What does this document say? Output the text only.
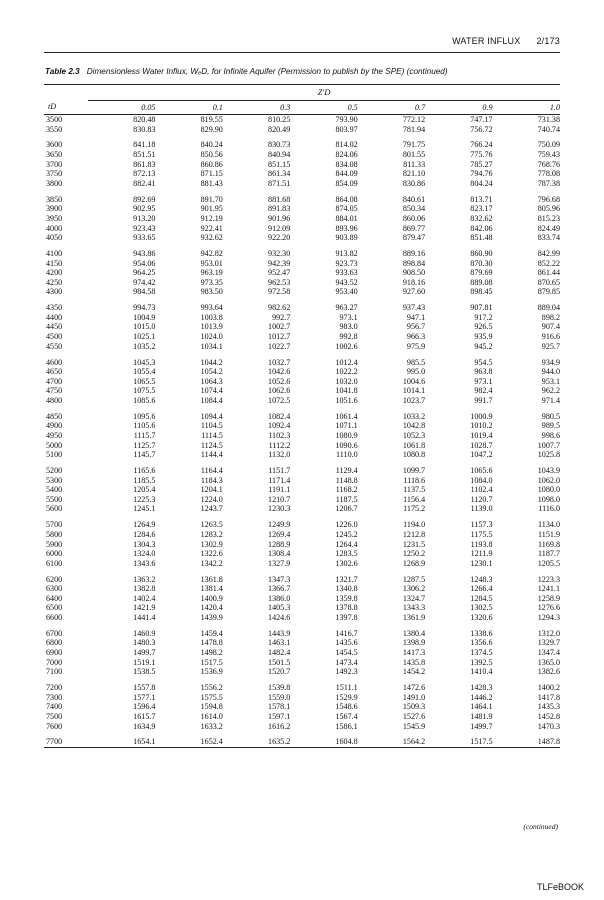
WATER INFLUX 2/173
Table 2.3 Dimensionless Water Influx, WₑD, for Infinite Aquifer (Permission to publish by the SPE) (continued)
	Z′D						
tD	0.05	0.1	0.3	0.5	0.7	0.9	1.0
3500	820.48	819.55	810.25	793.90	772.12	747.17	731.38
3550	830.83	829.90	820.49	803.97	781.94	756.72	740.74

3600	841.18	840.24	830.73	814.02	791.75	766.24	750.09
3650	851.51	850.56	840.94	824.06	801.55	775.76	759.43
3700	861.83	860.86	851.15	834.08	811.33	785.27	768.76
3750	872.13	871.15	861.34	844.09	821.10	794.76	778.08
3800	882.41	881.43	871.51	854.09	830.86	804.24	787.38

3850	892.69	891.70	881.68	864.08	840.61	813.71	796.68
3900	902.95	901.95	891.83	874.05	850.34	823.17	805.96
3950	913.20	912.19	901.96	884.01	860.06	832.62	815.23
4000	923.43	922.41	912.09	893.96	869.77	842.06	824.49
4050	933.65	932.62	922.20	903.89	879.47	851.48	833.74

4100	943.86	942.82	932.30	913.82	889.16	860.90	842.99
4150	954.06	953.01	942.39	923.73	898.84	870.30	852.22
4200	964.25	963.19	952.47	933.63	908.50	879.69	861.44
4250	974.42	973.35	962.53	943.52	918.16	889.08	870.65
4300	984.58	983.50	972.58	953.40	927.60	898.45	879.85

4350	994.73	993.64	982.62	963.27	937.43	907.81	889.04
4400	1004.9	1003.8	992.7	973.1	947.1	917.2	898.2
4450	1015.0	1013.9	1002.7	983.0	956.7	926.5	907.4
4500	1025.1	1024.0	1012.7	992.8	966.3	935.9	916.6
4550	1035.2	1034.1	1022.7	1002.6	975.9	945.2	925.7

4600	1045.3	1044.2	1032.7	1012.4	985.5	954.5	934.9
4650	1055.4	1054.2	1042.6	1022.2	995.0	963.8	944.0
4700	1065.5	1064.3	1052.6	1032.0	1004.6	973.1	953.1
4750	1075.5	1074.4	1062.6	1041.8	1014.1	982.4	962.2
4800	1085.6	1084.4	1072.5	1051.6	1023.7	991.7	971.4

4850	1095.6	1094.4	1082.4	1061.4	1033.2	1000.9	980.5
4900	1105.6	1104.5	1092.4	1071.1	1042.8	1010.2	989.5
4950	1115.7	1114.5	1102.3	1080.9	1052.3	1019.4	998.6
5000	1125.7	1124.5	1112.2	1090.6	1061.8	1028.7	1007.7
5100	1145.7	1144.4	1132.0	1110.0	1080.8	1047.2	1025.8

5200	1165.6	1164.4	1151.7	1129.4	1099.7	1065.6	1043.9
5300	1185.5	1184.3	1171.4	1148.8	1118.6	1084.0	1062.0
5400	1205.4	1204.1	1191.1	1168.2	1137.5	1102.4	1080.0
5500	1225.3	1224.0	1210.7	1187.5	1156.4	1120.7	1098.0
5600	1245.1	1243.7	1230.3	1206.7	1175.2	1139.0	1116.0

5700	1264.9	1263.5	1249.9	1226.0	1194.0	1157.3	1134.0
5800	1284.6	1283.2	1269.4	1245.2	1212.8	1175.5	1151.9
5900	1304.3	1302.9	1288.9	1264.4	1231.5	1193.8	1169.8
6000	1324.0	1322.6	1308.4	1283.5	1250.2	1211.9	1187.7
6100	1343.6	1342.2	1327.9	1302.6	1268.9	1230.1	1205.5

6200	1363.2	1361.8	1347.3	1321.7	1287.5	1248.3	1223.3
6300	1382.8	1381.4	1366.7	1340.8	1306.2	1266.4	1241.1
6400	1402.4	1400.9	1386.0	1359.8	1324.7	1284.5	1258.9
6500	1421.9	1420.4	1405.3	1378.8	1343.3	1302.5	1276.6
6600	1441.4	1439.9	1424.6	1397.8	1361.9	1320.6	1294.3

6700	1460.9	1459.4	1443.9	1416.7	1380.4	1338.6	1312.0
6800	1480.3	1478.8	1463.1	1435.6	1398.9	1356.6	1329.7
6900	1499.7	1498.2	1482.4	1454.5	1417.3	1374.5	1347.4
7000	1519.1	1517.5	1501.5	1473.4	1435.8	1392.5	1365.0
7100	1538.5	1536.9	1520.7	1492.3	1454.2	1410.4	1382.6

7200	1557.8	1556.2	1539.8	1511.1	1472.6	1428.3	1400.2
7300	1577.1	1575.5	1559.0	1529.9	1491.0	1446.2	1417.8
7400	1596.4	1594.8	1578.1	1548.6	1509.3	1464.1	1435.3
7500	1615.7	1614.0	1597.1	1567.4	1527.6	1481.9	1452.8
7600	1634.9	1633.2	1616.2	1586.1	1545.9	1499.7	1470.3

7700	1654.1	1652.4	1635.2	1604.8	1564.2	1517.5	1487.8
(continued)
TLFeBOOK
